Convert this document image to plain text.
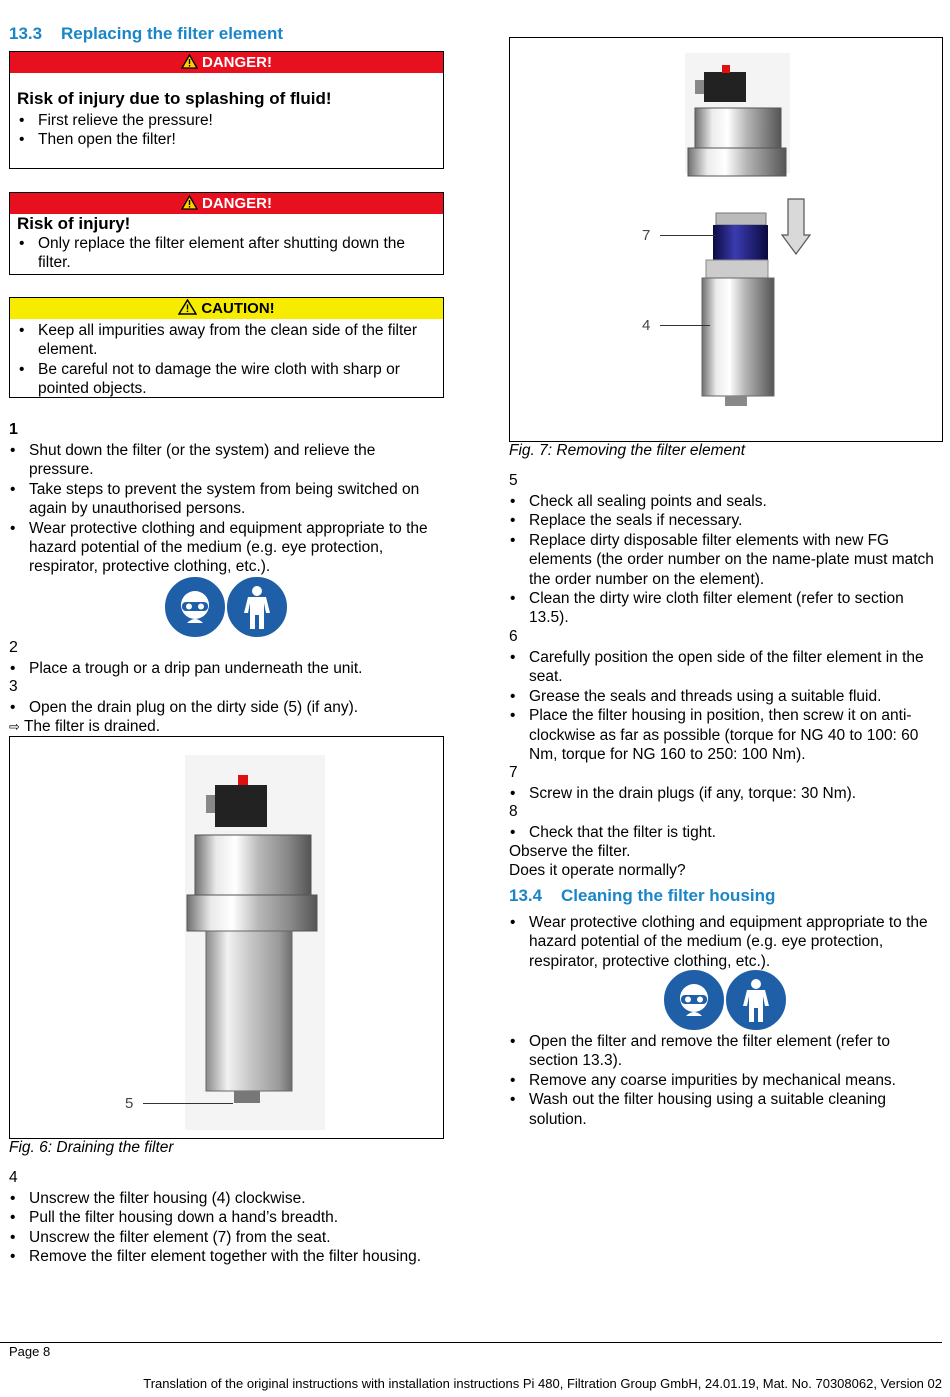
13.3 Replacing the filter element
DANGER!
Risk of injury due to splashing of fluid!
• First relieve the pressure!
• Then open the filter!
DANGER!
Risk of injury!
• Only replace the filter element after shutting down the filter.
CAUTION!
• Keep all impurities away from the clean side of the filter element.
• Be careful not to damage the wire cloth with sharp or pointed objects.
1
• Shut down the filter (or the system) and relieve the pressure.
• Take steps to prevent the system from being switched on again by unauthorised persons.
• Wear protective clothing and equipment appropriate to the hazard potential of the medium (e.g. eye protection, respirator, protective clothing, etc.).
2
• Place a trough or a drip pan underneath the unit.
3
• Open the drain plug on the dirty side (5) (if any).
⇨ The filter is drained.
5
Fig. 6: Draining the filter
4
• Unscrew the filter housing (4) clockwise.
• Pull the filter housing down a hand’s breadth.
• Unscrew the filter element (7) from the seat.
• Remove the filter element together with the filter housing.
7
4
Fig. 7: Removing the filter element
5
• Check all sealing points and seals.
• Replace the seals if necessary.
• Replace dirty disposable filter elements with new FG elements (the order number on the name-plate must match the order number on the element).
• Clean the dirty wire cloth filter element (refer to section 13.5).
6
• Carefully position the open side of the filter element in the seat.
• Grease the seals and threads using a suitable fluid.
• Place the filter housing in position, then screw it on anti-clockwise as far as possible (torque for NG 40 to 100: 60 Nm, torque for NG 160 to 250: 100 Nm).
7
• Screw in the drain plugs (if any, torque: 30 Nm).
8
• Check that the filter is tight.
Observe the filter.
Does it operate normally?
13.4 Cleaning the filter housing
• Wear protective clothing and equipment appropriate to the hazard potential of the medium (e.g. eye protection, respirator, protective clothing, etc.).
• Open the filter and remove the filter element (refer to section 13.3).
• Remove any coarse impurities by mechanical means.
• Wash out the filter housing using a suitable cleaning solution.
Page 8
Translation of the original instructions with installation instructions Pi 480, Filtration Group GmbH, 24.01.19, Mat. No. 70308062, Version 02
